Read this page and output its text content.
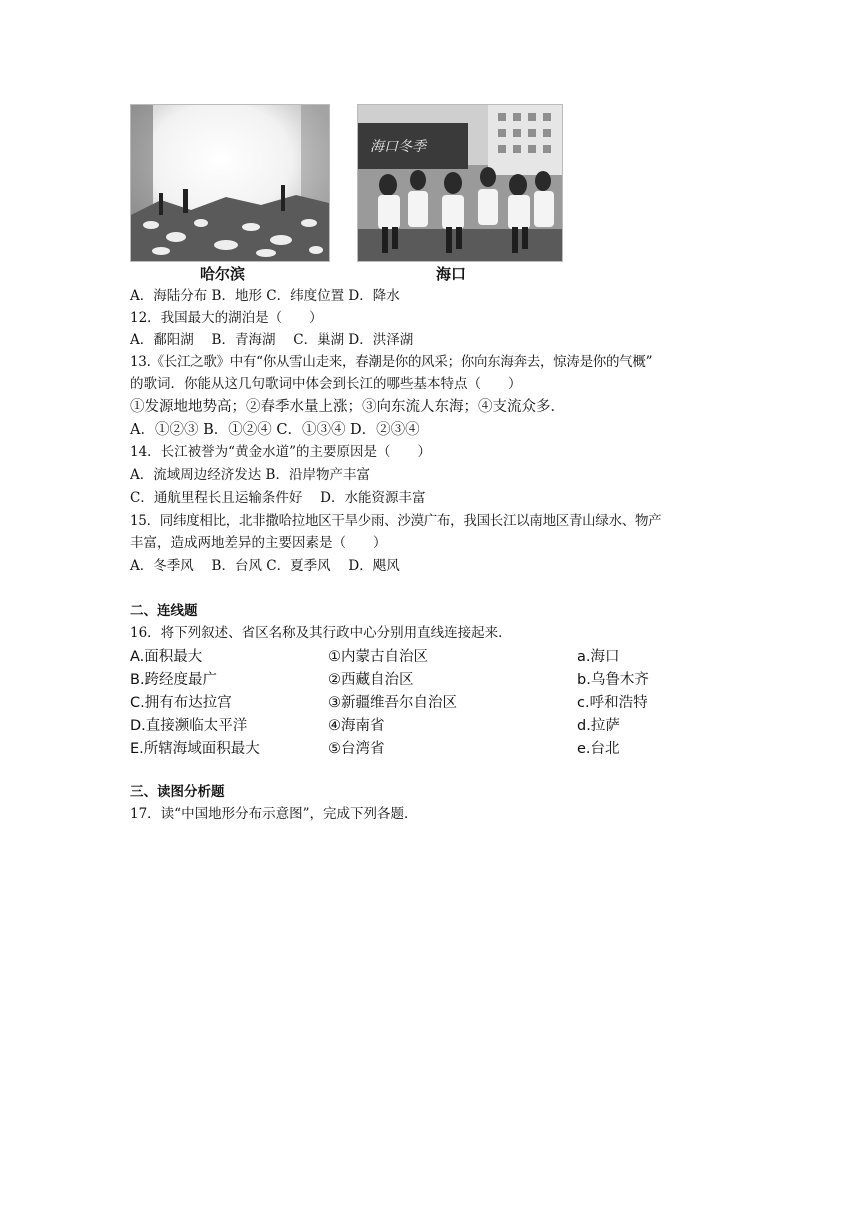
哈尔滨
海口冬季
海口
A．海陆分布 B．地形 C．纬度位置 D．降水
12．我国最大的湖泊是（　　）
A．鄱阳湖　 B．青海湖　 C．巢湖 D．洪泽湖
13.《长江之歌》中有“你从雪山走来，春潮是你的风采；你向东海奔去，惊涛是你的气概”
的歌词．你能从这几句歌词中体会到长江的哪些基本特点（　　）
①发源地地势高；②春季水量上涨；③向东流人东海；④支流众多．
A．①②③ B．①②④ C．①③④ D．②③④
14．长江被誉为“黄金水道”的主要原因是（　　）
A．流域周边经济发达 B．沿岸物产丰富
C．通航里程长且运输条件好　 D．水能资源丰富
15．同纬度相比，北非撒哈拉地区干旱少雨、沙漠广布，我国长江以南地区青山绿水、物产
丰富，造成两地差异的主要因素是（　　）
A．冬季风　 B．台风 C．夏季风　 D．飓风
二、连线题
16．将下列叙述、省区名称及其行政中心分别用直线连接起来．
A.面积最大
B.跨经度最广
C.拥有布达拉宫
D.直接濒临太平洋
E.所辖海域面积最大
①内蒙古自治区
②西藏自治区
③新疆维吾尔自治区
④海南省
⑤台湾省
a.海口
b.乌鲁木齐
c.呼和浩特
d.拉萨
e.台北
三、读图分析题
17．读“中国地形分布示意图”，完成下列各题．
